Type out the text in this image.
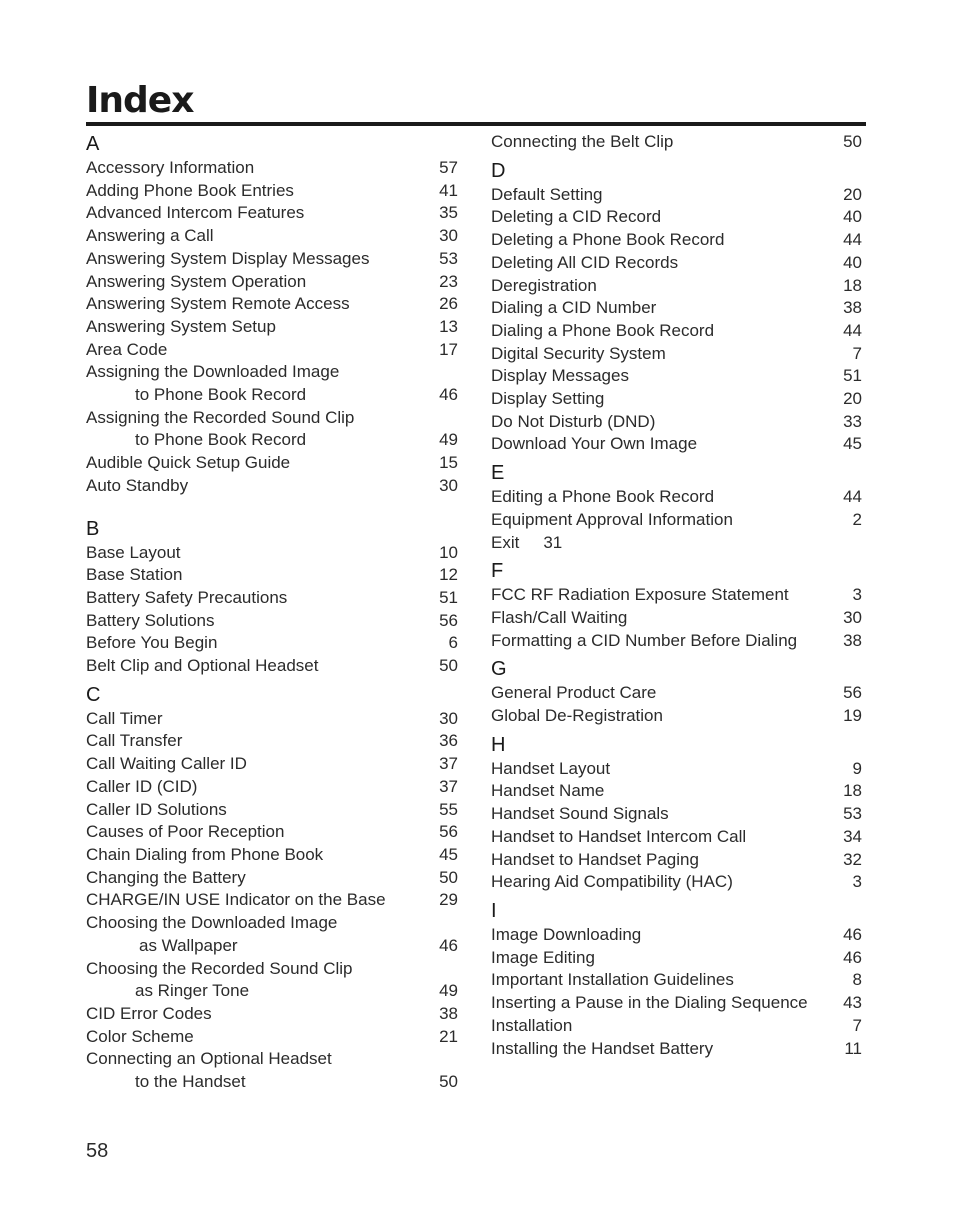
Index
A
Accessory Information	57
Adding Phone Book Entries	41
Advanced Intercom Features	35
Answering a Call	30
Answering System Display Messages	53
Answering System Operation	23
Answering System Remote Access	26
Answering System Setup	13
Area Code	17
Assigning the Downloaded Image
to Phone Book Record	46
Assigning the Recorded Sound Clip
to Phone Book Record	49
Audible Quick Setup Guide	15
Auto Standby	30
B
Base Layout	10
Base Station	12
Battery Safety Precautions	51
Battery Solutions	56
Before You Begin	6
Belt Clip and Optional Headset	50
C
Call Timer	30
Call Transfer	36
Call Waiting Caller ID	37
Caller ID (CID)	37
Caller ID Solutions	55
Causes of Poor Reception	56
Chain Dialing from Phone Book	45
Changing the Battery	50
CHARGE/IN USE Indicator on the Base	29
Choosing the Downloaded Image
as Wallpaper	46
Choosing the Recorded Sound Clip
as Ringer Tone	49
CID Error Codes	38
Color Scheme	21
Connecting an Optional Headset
to the Handset	50
Connecting the Belt Clip	50
D
Default Setting	20
Deleting a CID Record	40
Deleting a Phone Book Record	44
Deleting All CID Records	40
Deregistration	18
Dialing a CID Number	38
Dialing a Phone Book Record	44
Digital Security System	7
Display Messages	51
Display Setting	20
Do Not Disturb (DND)	33
Download Your Own Image	45
E
Editing a Phone Book Record	44
Equipment Approval Information	2
Exit 31
F
FCC RF Radiation Exposure Statement	3
Flash/Call Waiting	30
Formatting a CID Number Before Dialing	38
G
General Product Care	56
Global De-Registration	19
H
Handset Layout	9
Handset Name	18
Handset Sound Signals	53
Handset to Handset Intercom Call	34
Handset to Handset Paging	32
Hearing Aid Compatibility (HAC)	3
I
Image Downloading	46
Image Editing	46
Important Installation Guidelines	8
Inserting a Pause in the Dialing Sequence	43
Installation	7
Installing the Handset Battery	11
58
